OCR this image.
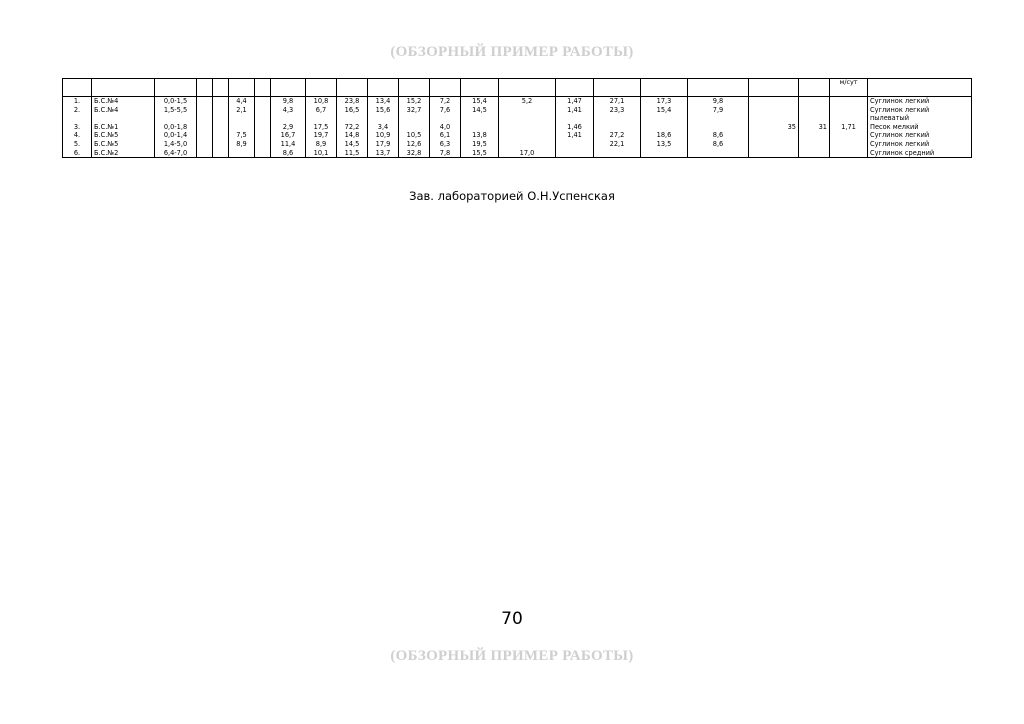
(ОБЗОРНЫЙ ПРИМЕР РАБОТЫ)
																					м/сут	
1.	Б.С.№4	0,0-1,5			4,4		9,8	10,8	23,8	13,4	15,2	7,2	15,4	5,2	1,47	27,1	17,3	9,8				Суглинок легкий
2.	Б.С.№4	1,5-5,5			2,1		4,3	6,7	16,5	15,6	32,7	7,6	14,5		1,41	23,3	15,4	7,9				Суглинок легкий
																						пылеватый
3.	Б.С.№1	0,0-1,8					2,9	17,5	72,2	3,4		4,0			1,46				35	31	1,71	Песок мелкий
4.	Б.С.№5	0,0-1,4			7,5		16,7	19,7	14,8	10,9	10,5	6,1	13,8		1,41	27,2	18,6	8,6				Суглинок легкий
5.	Б.С.№5	1,4-5,0			8,9		11,4	8,9	14,5	17,9	12,6	6,3	19,5			22,1	13,5	8,6				Суглинок легкий
6.	Б.С.№2	6,4-7,0					8,6	10,1	11,5	13,7	32,8	7,8	15,5	17,0								Суглинок средний
Зав. лабораторией О.Н.Успенская
70
(ОБЗОРНЫЙ ПРИМЕР РАБОТЫ)
